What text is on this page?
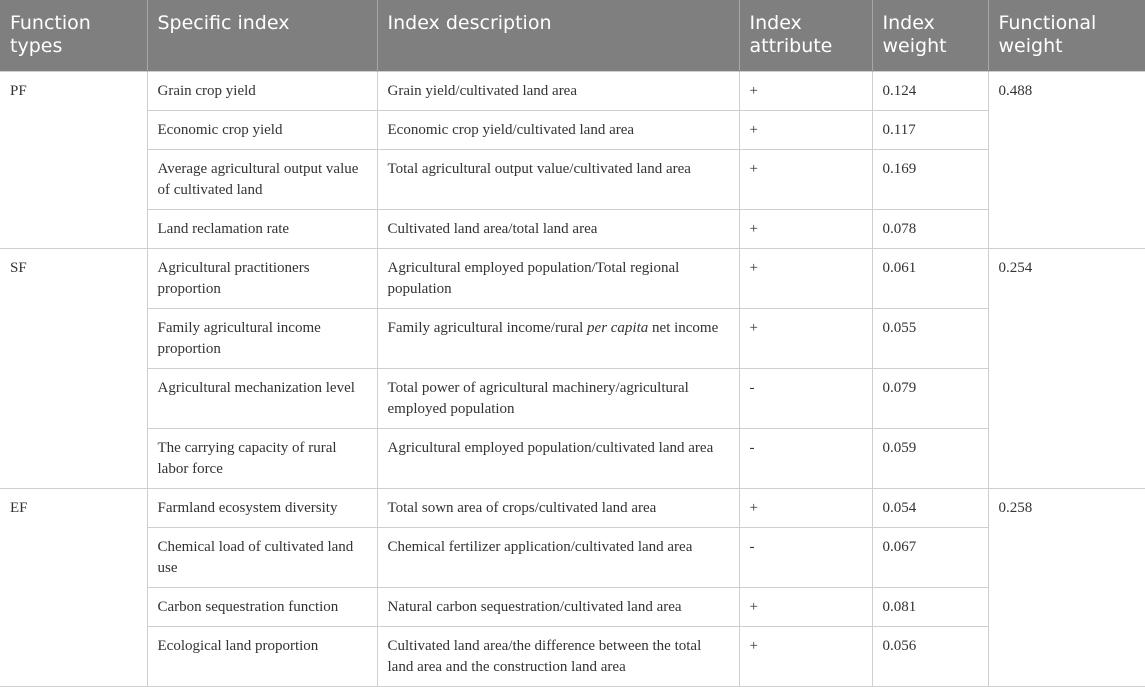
Function types	Specific index	Index description	Index attribute	Index weight	Functional weight
PF	Grain crop yield	Grain yield/cultivated land area	+	0.124	0.488
	Economic crop yield	Economic crop yield/cultivated land area	+	0.117	
	Average agricultural output value of cultivated land	Total agricultural output value/cultivated land area	+	0.169	
	Land reclamation rate	Cultivated land area/total land area	+	0.078	
SF	Agricultural practitioners proportion	Agricultural employed population/Total regional population	+	0.061	0.254
	Family agricultural income proportion	Family agricultural income/rural per capita net income	+	0.055	
	Agricultural mechanization level	Total power of agricultural machinery/agricultural employed population	-	0.079	
	The carrying capacity of rural labor force	Agricultural employed population/cultivated land area	-	0.059	
EF	Farmland ecosystem diversity	Total sown area of crops/cultivated land area	+	0.054	0.258
	Chemical load of cultivated land use	Chemical fertilizer application/cultivated land area	-	0.067	
	Carbon sequestration function	Natural carbon sequestration/cultivated land area	+	0.081	
	Ecological land proportion	Cultivated land area/the difference between the total land area and the construction land area	+	0.056	
